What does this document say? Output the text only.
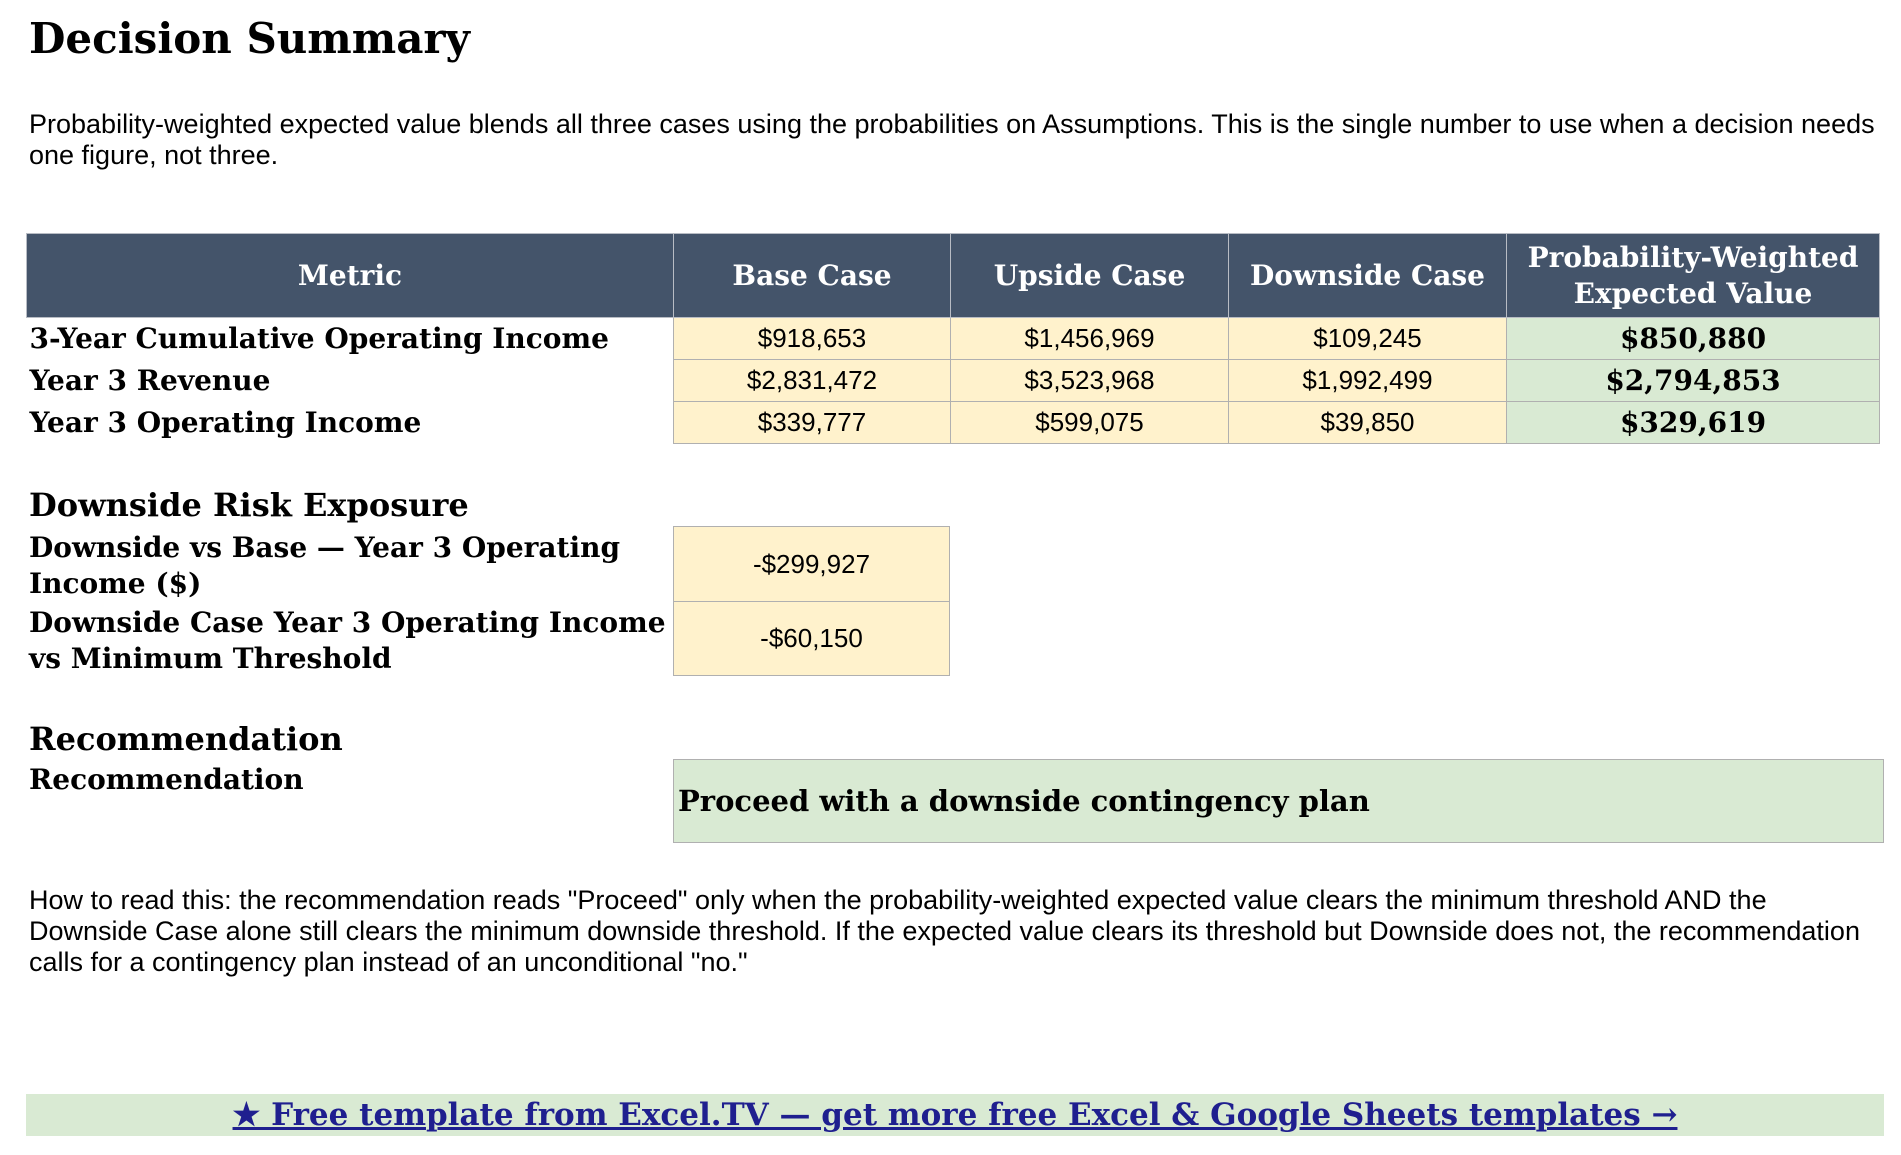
Decision Summary
Probability-weighted expected value blends all three cases using the probabilities on Assumptions. This is the single number to use when a decision needs one figure, not three.
Metric	Base Case	Upside Case	Downside Case	Probability-Weighted Expected Value
3-Year Cumulative Operating Income	$918,653	$1,456,969	$109,245	$850,880
Year 3 Revenue	$2,831,472	$3,523,968	$1,992,499	$2,794,853
Year 3 Operating Income	$339,777	$599,075	$39,850	$329,619
Downside Risk Exposure
Downside vs Base — Year 3 Operating Income ($)
-$299,927
Downside Case Year 3 Operating Income vs Minimum Threshold
-$60,150
Recommendation
Recommendation
Proceed with a downside contingency plan
How to read this: the recommendation reads "Proceed" only when the probability-weighted expected value clears the minimum threshold AND the Downside Case alone still clears the minimum downside threshold. If the expected value clears its threshold but Downside does not, the recommendation calls for a contingency plan instead of an unconditional "no."
★ Free template from Excel.TV — get more free Excel & Google Sheets templates →
